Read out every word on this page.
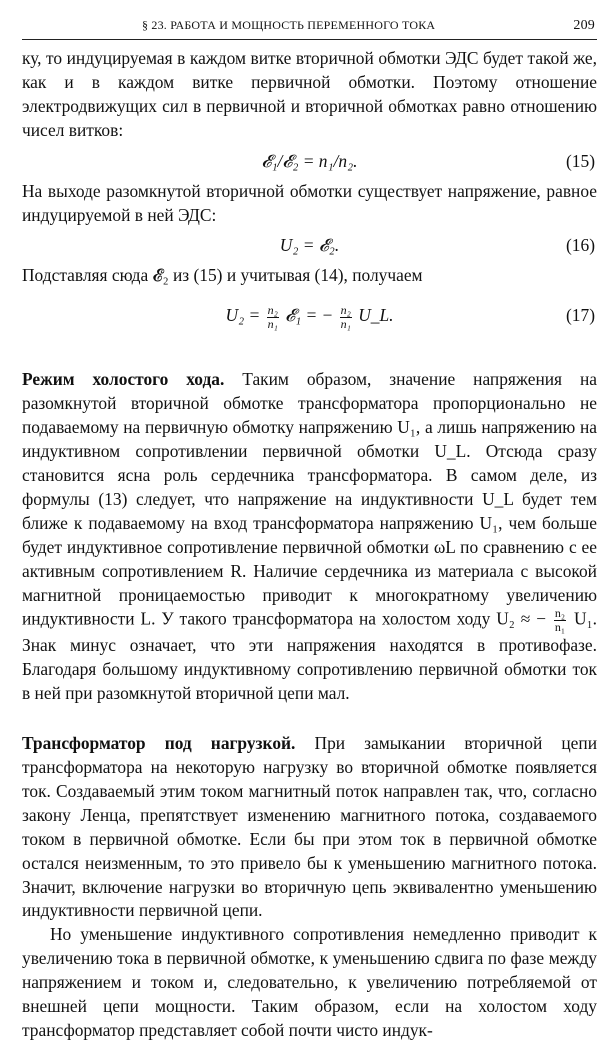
§ 23. РАБОТА И МОЩНОСТЬ ПЕРЕМЕННОГО ТОКА	209

ку, то индуцируемая в каждом витке вторичной обмотки ЭДС будет такой же, как и в каждом витке первичной обмотки. Поэтому отношение электродвижущих сил в первичной и вторичной обмотках равно отношению чисел витков:

𝓔₁/𝓔₂ = n₁/n₂.	(15)

На выходе разомкнутой вторичной обмотки существует напряжение, равное индуцируемой в ней ЭДС:

U₂ = 𝓔₂.	(16)

Подставляя сюда 𝓔₂ из (15) и учитывая (14), получаем

$U_2 = \frac{\text{n₂}}{\text{n₁}}$ 𝓔₁ = − $\frac{\text{n₂}}{\text{n₁}}$ U_L.	(17)

Режим холостого хода. Таким образом, значение напряжения на разомкнутой вторичной обмотке трансформатора пропорционально не подаваемому на первичную обмотку напряжению U₁, а лишь напряжению на индуктивном сопротивлении первичной обмотки U_L. Отсюда сразу становится ясна роль сердечника трансформатора. В самом деле, из формулы (13) следует, что напряжение на индуктивности U_L будет тем ближе к подаваемому на вход трансформатора напряжению U₁, чем больше будет индуктивное сопротивление первичной обмотки ωL по сравнению с ее активным сопротивлением R. Наличие сердечника из материала с высокой магнитной проницаемостью приводит к многократному увеличению индуктивности L. У такого трансформатора на холостом ходу U₂ ≈ − $\frac{\text{n₂}}{\text{n₁}} U_1$. Знак минус означает, что эти напряжения находятся в противофазе. Благодаря большому индуктивному сопротивлению первичной обмотки ток в ней при разомкнутой вторичной цепи мал.

Трансформатор под нагрузкой. При замыкании вторичной цепи трансформатора на некоторую нагрузку во вторичной обмотке появляется ток. Создаваемый этим током магнитный поток направлен так, что, согласно закону Ленца, препятствует изменению магнитного потока, создаваемого током в первичной обмотке. Если бы при этом ток в первичной обмотке остался неизменным, то это привело бы к уменьшению магнитного потока. Значит, включение нагрузки во вторичную цепь эквивалентно уменьшению индуктивности первичной цепи.

Но уменьшение индуктивного сопротивления немедленно приводит к увеличению тока в первичной обмотке, к уменьшению сдвига по фазе между напряжением и током и, следовательно, к увеличению потребляемой от внешней цепи мощности. Таким образом, если на холостом ходу трансформатор представляет собой почти чисто индук-
